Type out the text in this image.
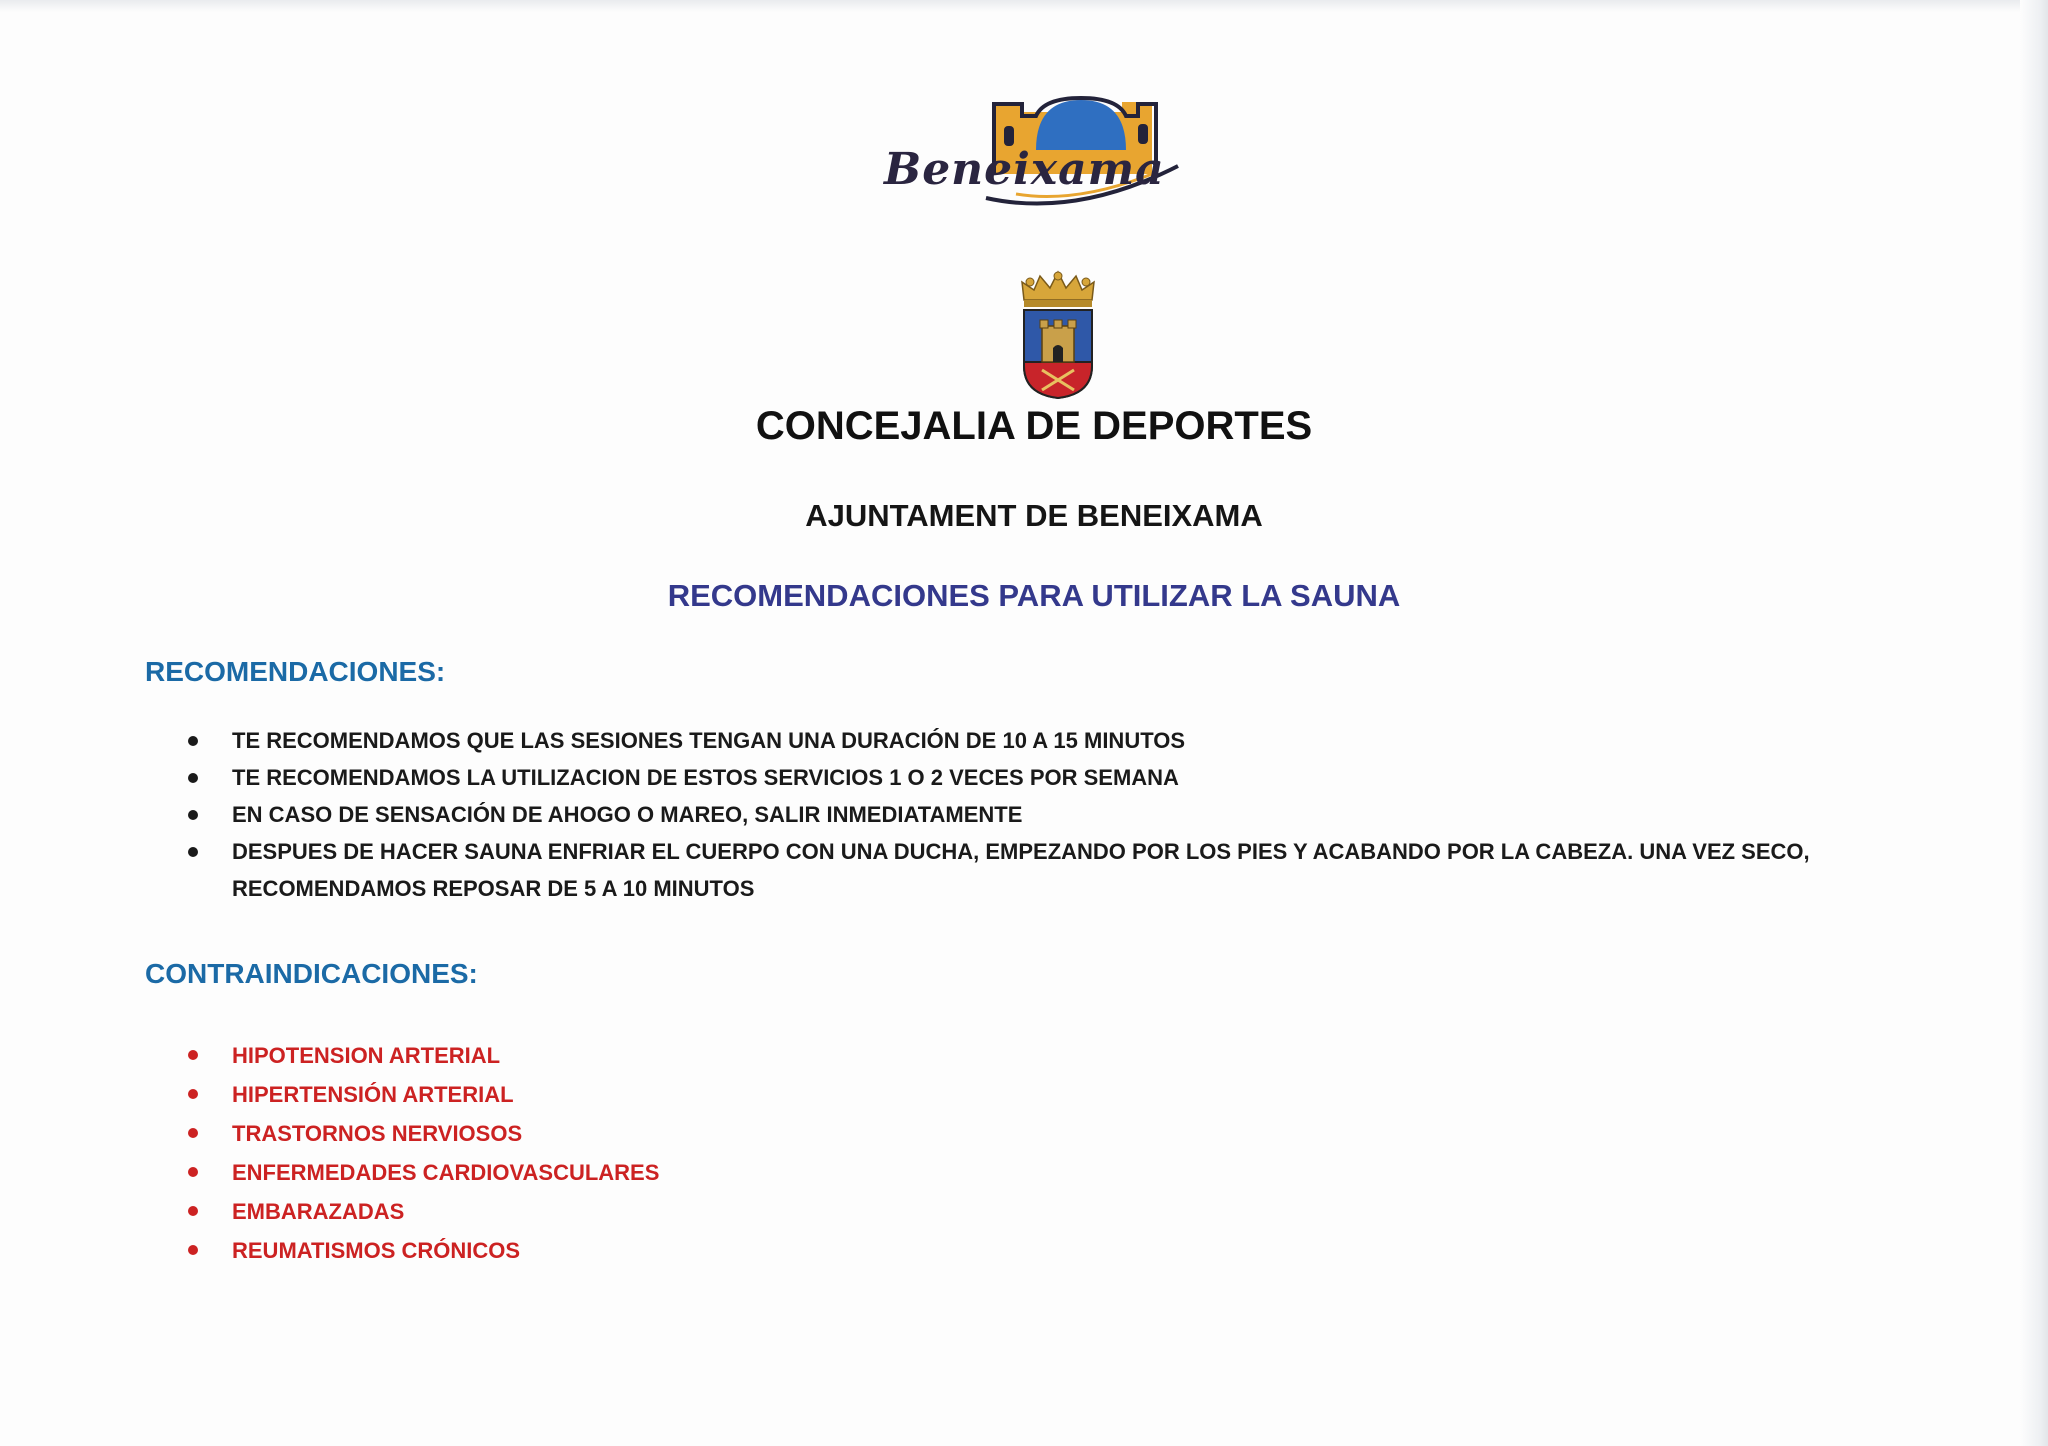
Beneixama
CONCEJALIA DE DEPORTES
AJUNTAMENT DE BENEIXAMA
RECOMENDACIONES PARA UTILIZAR LA SAUNA
RECOMENDACIONES:
TE RECOMENDAMOS QUE LAS SESIONES TENGAN UNA DURACIÓN DE 10 A 15 MINUTOS
TE RECOMENDAMOS LA UTILIZACION DE ESTOS SERVICIOS 1 O 2 VECES POR SEMANA
EN CASO DE SENSACIÓN DE AHOGO O MAREO, SALIR INMEDIATAMENTE
DESPUES DE HACER SAUNA ENFRIAR EL CUERPO CON UNA DUCHA, EMPEZANDO POR LOS PIES Y ACABANDO POR LA CABEZA. UNA VEZ SECO, RECOMENDAMOS REPOSAR DE 5 A 10 MINUTOS
CONTRAINDICACIONES:
HIPOTENSION ARTERIAL
HIPERTENSIÓN ARTERIAL
TRASTORNOS NERVIOSOS
ENFERMEDADES CARDIOVASCULARES
EMBARAZADAS
REUMATISMOS CRÓNICOS
